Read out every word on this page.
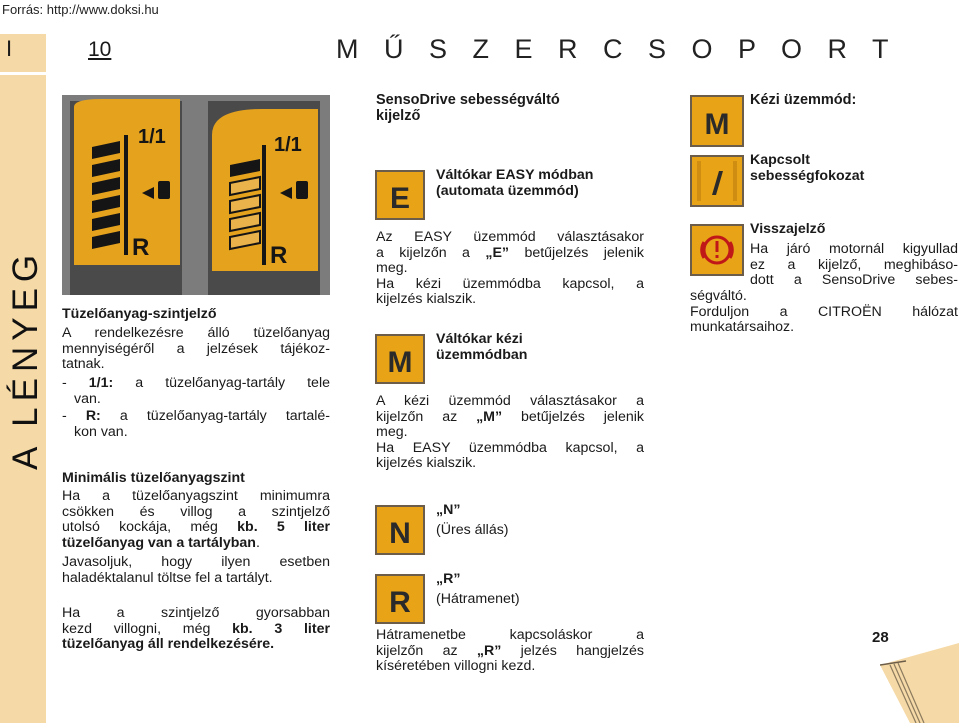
Forrás: http://www.doksi.hu
I
A LÉNYEG
10	M Ű S Z E R C S O P O R T
1/1	1/1
R	R
Tüzelőanyag-szintjelző
A rendelkezésre álló tüzelőanyag
mennyiségéről a jelzések tájékoz-
tatnak.
- 1/1: a tüzelőanyag-tartály tele
van.
- R: a tüzelőanyag-tartály tartalé-
kon van.
Minimális tüzelőanyagszint
Ha a tüzelőanyagszint minimumra
csökken és villog a szintjelző
utolsó kockája, még kb. 5 liter
tüzelőanyag van a tartályban.
Javasoljuk, hogy ilyen esetben
haladéktalanul töltse fel a tartályt.
Ha a szintjelző gyorsabban
kezd villogni, még kb. 3 liter
tüzelőanyag áll rendelkezésére.
SensoDrive sebességváltó
kijelző
E
Váltókar EASY módban
(automata üzemmód)
Az EASY üzemmód választásakor
a kijelzőn a „E” betűjelzés jelenik
meg.
Ha kézi üzemmódba kapcsol, a
kijelzés kialszik.
M
Váltókar kézi
üzemmódban
A kézi üzemmód választásakor a
kijelzőn az „M” betűjelzés jelenik
meg.
Ha EASY üzemmódba kapcsol, a
kijelzés kialszik.
N
„N”
(Üres állás)
R
„R”
(Hátramenet)
Hátramenetbe kapcsoláskor a
kijelzőn az „R” jelzés hangjelzés
kíséretében villogni kezd.
M
Kézi üzemmód:
Kapcsolt
sebességfokozat
Visszajelző
Ha járó motornál kigyullad
ez a kijelző, meghibáso-
dott a SensoDrive sebes-
ségváltó.
Forduljon a CITROËN hálózat
munkatársaihoz.
28
